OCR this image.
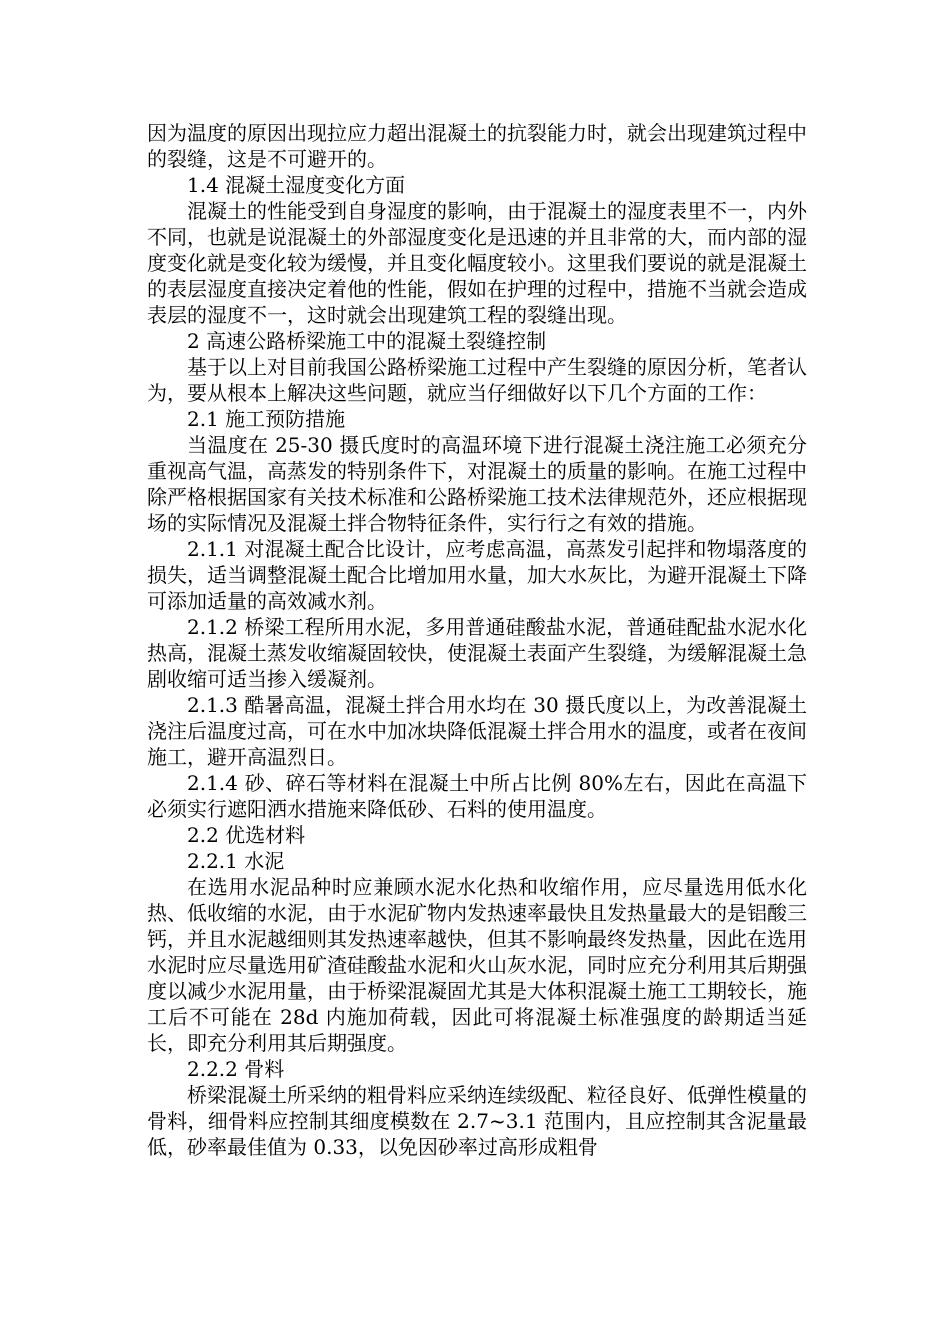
因为温度的原因出现拉应力超出混凝土的抗裂能力时，就会出现建筑过程中的裂缝，这是不可避开的。

1.4 混凝土湿度变化方面

混凝土的性能受到自身湿度的影响，由于混凝土的湿度表里不一，内外不同，也就是说混凝土的外部湿度变化是迅速的并且非常的大，而内部的湿度变化就是变化较为缓慢，并且变化幅度较小。这里我们要说的就是混凝土的表层湿度直接决定着他的性能，假如在护理的过程中，措施不当就会造成表层的湿度不一，这时就会出现建筑工程的裂缝出现。

2 高速公路桥梁施工中的混凝土裂缝控制

基于以上对目前我国公路桥梁施工过程中产生裂缝的原因分析，笔者认为，要从根本上解决这些问题，就应当仔细做好以下几个方面的工作：

2.1 施工预防措施

当温度在 25-30 摄氏度时的高温环境下进行混凝土浇注施工必须充分重视高气温，高蒸发的特别条件下，对混凝土的质量的影响。在施工过程中除严格根据国家有关技术标准和公路桥梁施工技术法律规范外，还应根据现场的实际情况及混凝土拌合物特征条件，实行行之有效的措施。

2.1.1 对混凝土配合比设计，应考虑高温，高蒸发引起拌和物塌落度的损失，适当调整混凝土配合比增加用水量，加大水灰比，为避开混凝土下降可添加适量的高效减水剂。

2.1.2 桥梁工程所用水泥，多用普通硅酸盐水泥，普通硅配盐水泥水化热高，混凝土蒸发收缩凝固较快，使混凝土表面产生裂缝，为缓解混凝土急剧收缩可适当掺入缓凝剂。

2.1.3 酷暑高温，混凝土拌合用水均在 30 摄氏度以上，为改善混凝土浇注后温度过高，可在水中加冰块降低混凝土拌合用水的温度，或者在夜间施工，避开高温烈日。

2.1.4 砂、碎石等材料在混凝土中所占比例 80%左右，因此在高温下必须实行遮阳洒水措施来降低砂、石料的使用温度。

2.2 优选材料

2.2.1 水泥

在选用水泥品种时应兼顾水泥水化热和收缩作用，应尽量选用低水化热、低收缩的水泥，由于水泥矿物内发热速率最快且发热量最大的是铝酸三钙，并且水泥越细则其发热速率越快，但其不影响最终发热量，因此在选用水泥时应尽量选用矿渣硅酸盐水泥和火山灰水泥，同时应充分利用其后期强度以减少水泥用量，由于桥梁混凝固尤其是大体积混凝土施工工期较长，施工后不可能在 28d 内施加荷载，因此可将混凝土标准强度的龄期适当延长，即充分利用其后期强度。

2.2.2 骨料

桥梁混凝土所采纳的粗骨料应采纳连续级配、粒径良好、低弹性模量的骨料，细骨料应控制其细度模数在 2.7~3.1 范围内，且应控制其含泥量最低，砂率最佳值为 0.33，以免因砂率过高形成粗骨
